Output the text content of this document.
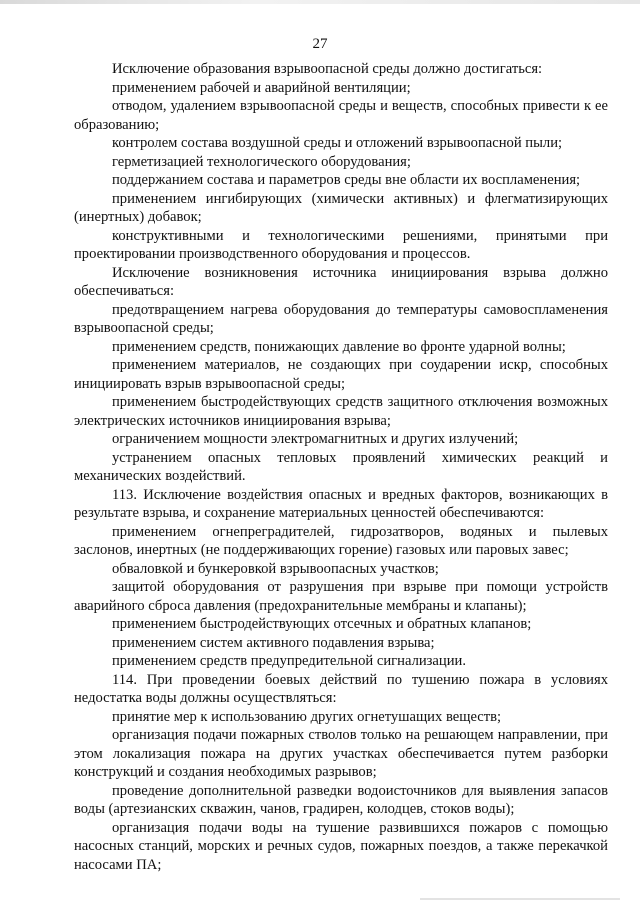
27

Исключение образования взрывоопасной среды должно достигаться:

применением рабочей и аварийной вентиляции;

отводом, удалением взрывоопасной среды и веществ, способных привести к ее образованию;

контролем состава воздушной среды и отложений взрывоопасной пыли;

герметизацией технологического оборудования;

поддержанием состава и параметров среды вне области их воспламенения;

применением ингибирующих (химически активных) и флегматизирующих (инертных) добавок;

конструктивными и технологическими решениями, принятыми при проектировании производственного оборудования и процессов.

Исключение возникновения источника инициирования взрыва должно обеспечиваться:

предотвращением нагрева оборудования до температуры самовоспламенения взрывоопасной среды;

применением средств, понижающих давление во фронте ударной волны;

применением материалов, не создающих при соударении искр, способных инициировать взрыв взрывоопасной среды;

применением быстродействующих средств защитного отключения возможных электрических источников инициирования взрыва;

ограничением мощности электромагнитных и других излучений;

устранением опасных тепловых проявлений химических реакций и механических воздействий.

113. Исключение воздействия опасных и вредных факторов, возникающих в результате взрыва, и сохранение материальных ценностей обеспечиваются:

применением огнепреградителей, гидрозатворов, водяных и пылевых заслонов, инертных (не поддерживающих горение) газовых или паровых завес;

обваловкой и бункеровкой взрывоопасных участков;

защитой оборудования от разрушения при взрыве при помощи устройств аварийного сброса давления (предохранительные мембраны и клапаны);

применением быстродействующих отсечных и обратных клапанов;

применением систем активного подавления взрыва;

применением средств предупредительной сигнализации.

114. При проведении боевых действий по тушению пожара в условиях недостатка воды должны осуществляться:

принятие мер к использованию других огнетушащих веществ;

организация подачи пожарных стволов только на решающем направлении, при этом локализация пожара на других участках обеспечивается путем разборки конструкций и создания необходимых разрывов;

проведение дополнительной разведки водоисточников для выявления запасов воды (артезианских скважин, чанов, градирен, колодцев, стоков воды);

организация подачи воды на тушение развившихся пожаров с помощью насосных станций, морских и речных судов, пожарных поездов, а также перекачкой насосами ПА;
